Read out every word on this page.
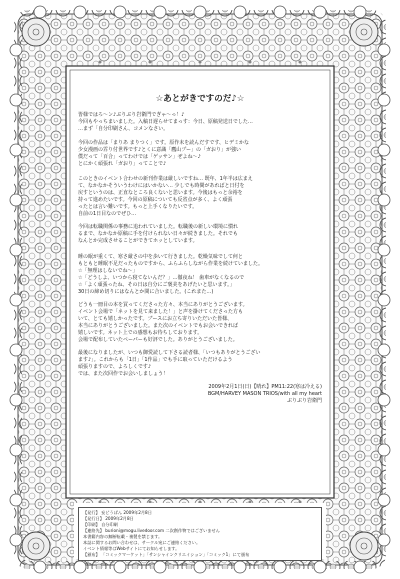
☆あとがきですのだ♪☆
皆様ではろ～ン♪ぶりぶり岩衛門でぎゃ～っ！♪
今回もやっちまいました。入稿日遅らせてまっす：今日、原稿発送日でした…
…まず「自分印刷さん、コメンなさい。
今回の作品は「まりあ まりつく」です。原作未を読んだすです、ヒデミかな
少女漫画の雰り付世界です♪とくに意識「鷹山プー」の「ガおり」が強い
僕だって「百合」ってわけでは「ゲッサン」ぜよね～♪
とにかく頑張れ「ガおり」ってことで♪
このときのイベント合わせの新刊作業は厳しいですね… 既年、1年半は広まえ
て、なかなかそういうわけにはいかない… 少しでも時間があればと日付を
戻すというのは、正直なところ良くないと思います。今後はもっと余裕を
持って進めたいです。今回の原稿についても反省点が多く、よく頑張
ったとは言い難いです。もっと上手くなりたいです。
自前の1日目なのでぜひ…
今回は転職関係の事務に追われていました。転職後の新しい環境に慣れ
るまで、なかなか原稿に手を付けられない日々が続きました。それでも
なんとか完成させることができてホッとしています。
睡の眠が重くて、寒さ厳さの中を歩いて行きました。乾燥気味でして何と
もともと睡眠不足だったものですから、ふらふらしながら作業を続けていました。
☆「無理はしないでね～」
☆「どうしよ、いつから寝てないんだ？」…徹夜ね！ 歯車がなくなるので
☆「よく頑張ったね、その日は自分にご褒美をあげたいと思います。」
30日の締め切りにはなんとか間に合いました。(これまた…)
どうも一冊目の本を買ってくださった方々、本当にありがとうございます。
イベント会場で「ネットを見て来ました！」と声を掛けてくださった方も
いて、とても嬉しかったです。ブースにお立ち寄りいただいた皆様、
本当にありがとうございました。また次のイベントでもお会いできれば
嬉しいです。ネット上での感想もお待ちしております。
会場で配布していたペーパーも好評でした。ありがとうございました。
最後になりましたが、いつも御愛読して下さる読者様、「いつもありがとうござい
ます♪」。これからも「1日」「1作品」でも手に取っていただけるよう
頑張りますので、よろしくです♪
では、また次回作でお会いしましょう！
2009年2月1日(日)【晴れ】PM11:22(寒は冷える)
BGM/HARVEY MASON TRIOS/with all my heart
ぶりぶり岩衛門
【発行】 妄どうばん 2009年2月8日
【発行日】 2009年2月8日
【印刷】 自分印刷
【連絡先】 burioni@mogu.livedoor.com 二次創作物ではございません
本書籍内容の無断転載・複製を禁じます。
本誌に関するお問い合わせは、サークル宛にご連絡ください。
イベント情報等はWebサイトにてお知らせします。
【頒布】 「コミックマーケット」「サンシャインクリエイション」「コミック1」にて頒布
